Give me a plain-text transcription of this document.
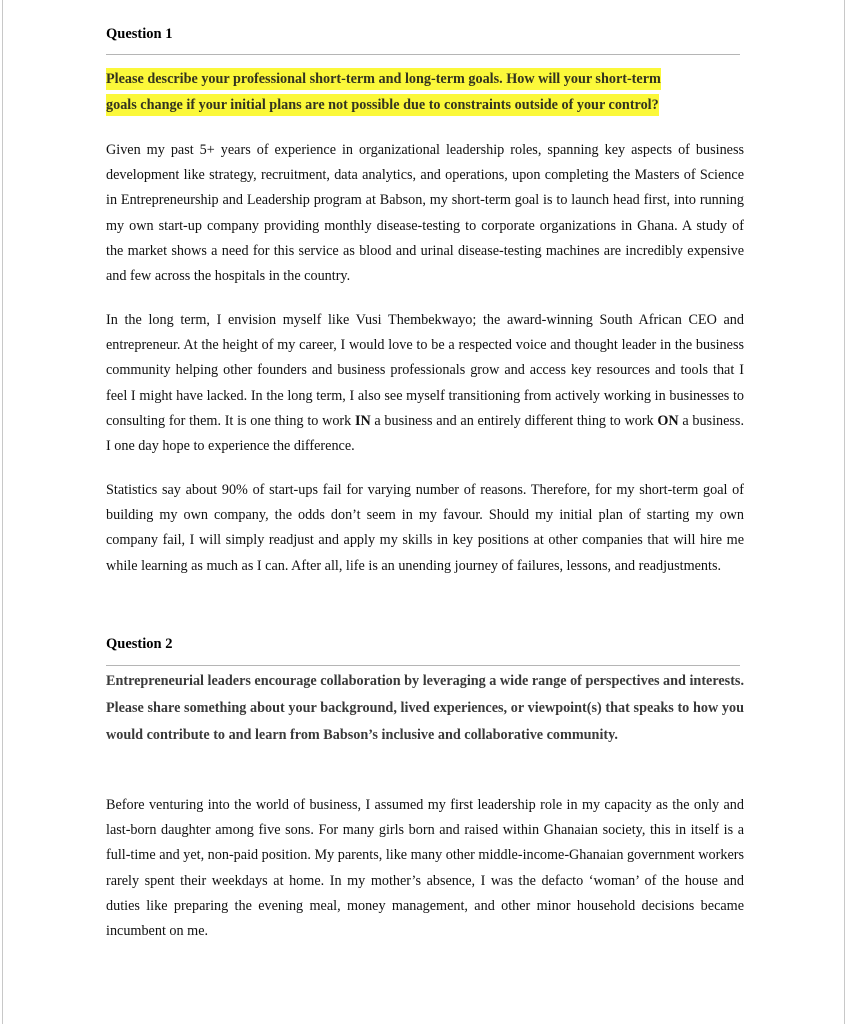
Question 1
Please describe your professional short-term and long-term goals. How will your short-term
goals change if your initial plans are not possible due to constraints outside of your control?
Given my past 5+ years of experience in organizational leadership roles, spanning key aspects of business development like strategy, recruitment, data analytics, and operations, upon completing the Masters of Science in Entrepreneurship and Leadership program at Babson, my short-term goal is to launch head first, into running my own start-up company providing monthly disease-testing to corporate organizations in Ghana. A study of the market shows a need for this service as blood and urinal disease-testing machines are incredibly expensive and few across the hospitals in the country.
In the long term, I envision myself like Vusi Thembekwayo; the award-winning South African CEO and entrepreneur. At the height of my career, I would love to be a respected voice and thought leader in the business community helping other founders and business professionals grow and access key resources and tools that I feel I might have lacked. In the long term, I also see myself transitioning from actively working in businesses to consulting for them. It is one thing to work IN a business and an entirely different thing to work ON a business. I one day hope to experience the difference.
Statistics say about 90% of start-ups fail for varying number of reasons. Therefore, for my short-term goal of building my own company, the odds don’t seem in my favour. Should my initial plan of starting my own company fail, I will simply readjust and apply my skills in key positions at other companies that will hire me while learning as much as I can. After all, life is an unending journey of failures, lessons, and readjustments.
Question 2
Entrepreneurial leaders encourage collaboration by leveraging a wide range of perspectives and interests. Please share something about your background, lived experiences, or viewpoint(s) that speaks to how you would contribute to and learn from Babson’s inclusive and collaborative community.
Before venturing into the world of business, I assumed my first leadership role in my capacity as the only and last-born daughter among five sons. For many girls born and raised within Ghanaian society, this in itself is a full-time and yet, non-paid position. My parents, like many other middle-income-Ghanaian government workers rarely spent their weekdays at home. In my mother’s absence, I was the defacto ‘woman’ of the house and duties like preparing the evening meal, money management, and other minor household decisions became incumbent on me.
